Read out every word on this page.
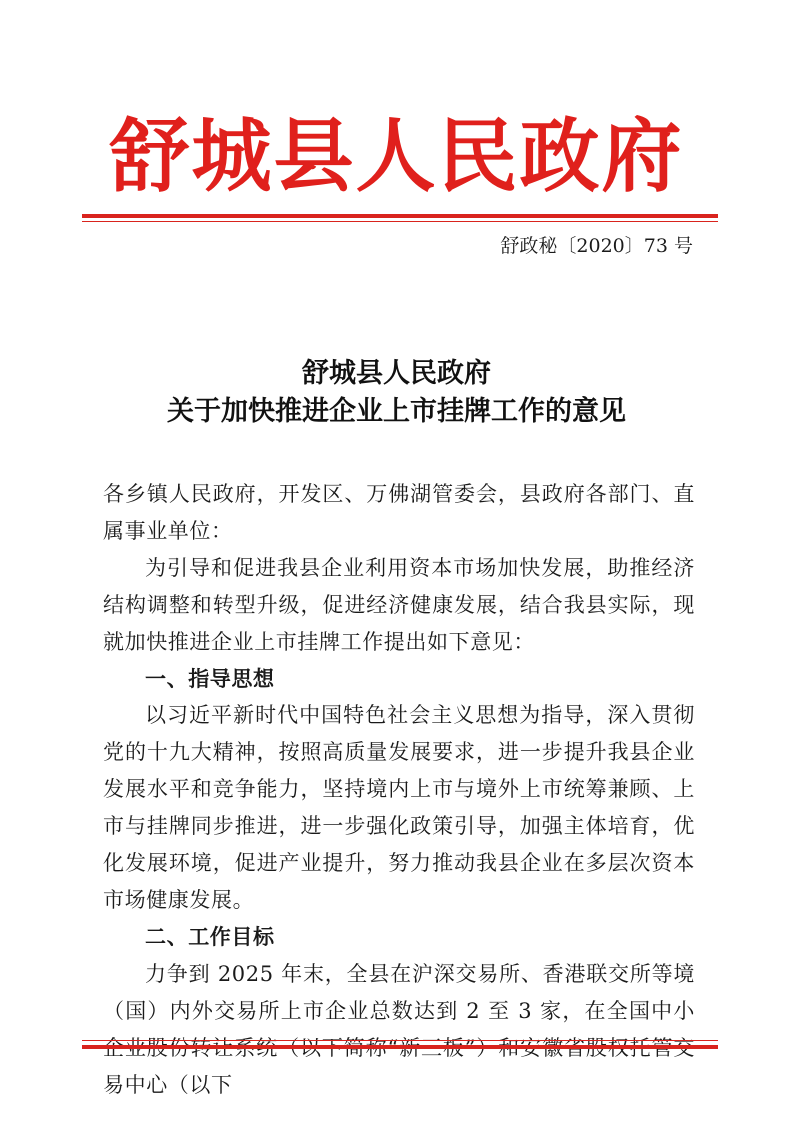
舒城县人民政府
舒政秘〔2020〕73 号
舒城县人民政府
关于加快推进企业上市挂牌工作的意见

各乡镇人民政府，开发区、万佛湖管委会，县政府各部门、直属事业单位：

为引导和促进我县企业利用资本市场加快发展，助推经济结构调整和转型升级，促进经济健康发展，结合我县实际，现就加快推进企业上市挂牌工作提出如下意见：

一、指导思想

以习近平新时代中国特色社会主义思想为指导，深入贯彻党的十九大精神，按照高质量发展要求，进一步提升我县企业发展水平和竞争能力，坚持境内上市与境外上市统筹兼顾、上市与挂牌同步推进，进一步强化政策引导，加强主体培育，优化发展环境，促进产业提升，努力推动我县企业在多层次资本市场健康发展。

二、工作目标

力争到 2025 年末，全县在沪深交易所、香港联交所等境（国）内外交易所上市企业总数达到 2 至 3 家，在全国中小 易中心（以下
